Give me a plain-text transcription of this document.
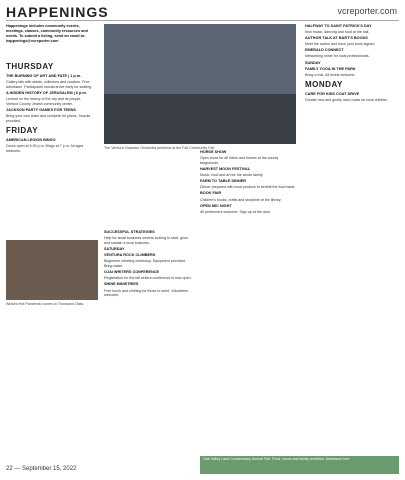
HAPPENINGS	vcreporter.com

Happenings includes community events, meetings, classes, community resources and needs. To submit a listing, send an email to: happenings@vcreporter.com

THURSDAY

THE BURNING OF ART AND FATE | 1 p.m.

Gallery talk with artists, collectors and curators. Free admission. Participants should arrive early for seating.

A HIDDEN HISTORY OF JERUSALEM | 6 p.m.

Lecture on the history of the city and its people. Ventura County Jewish community center.

JACKSON PARTY GAMES FOR TEENS

Bring your own team and compete for prizes. Snacks provided.

FRIDAY

AMERICAN LEGION BINGO

Doors open at 5:30 p.m. Bingo at 7 p.m. All ages welcome.

SUCCESSFUL STRATEGIES

Help for small business owners looking to start, grow and sustain a local business.

SATURDAY

VENTURA ROCK CLIMBERS

Beginners climbing workshop. Equipment provided. Bring water.

OJAI WRITERS CONFERENCE

Registration for the fall writers conference is now open.

SHINE MINISTRIES

Free lunch and clothing for those in need. Volunteers welcome.

HORSE SHOW

Open show for all riders and horses at the county fairgrounds.

HARVEST MOON FESTIVAL

Music, food and art for the whole family.

FARM TO TABLE DINNER

Dinner prepared with local produce to benefit the food bank.

BOOK FAIR

Children's books, crafts and storytime at the library.

OPEN MIC NIGHT

All performers welcome. Sign up at the door.

HALFWAY TO SAINT PATRICK'S DAY

Irish music, dancing and food at the hall.

AUTHOR TALK AT BART'S BOOKS

Meet the author and have your book signed.

EMERALD CONNECT

Networking mixer for local professionals.

SUNDAY

FAMILY YOGA IN THE PARK

Bring a mat. All levels welcome.

MONDAY

CARE FOR KIDS COAT DRIVE

Donate new and gently used coats for local children.

The Ventura Chamber Orchestra performs at the Fall Community Fair.
Wicked Hot Pandemic comes to Thousand Oaks.
Oak Valley Land Conservancy Annual Fair. Food, music and family activities. Admission free.
22 — September 15, 2022
